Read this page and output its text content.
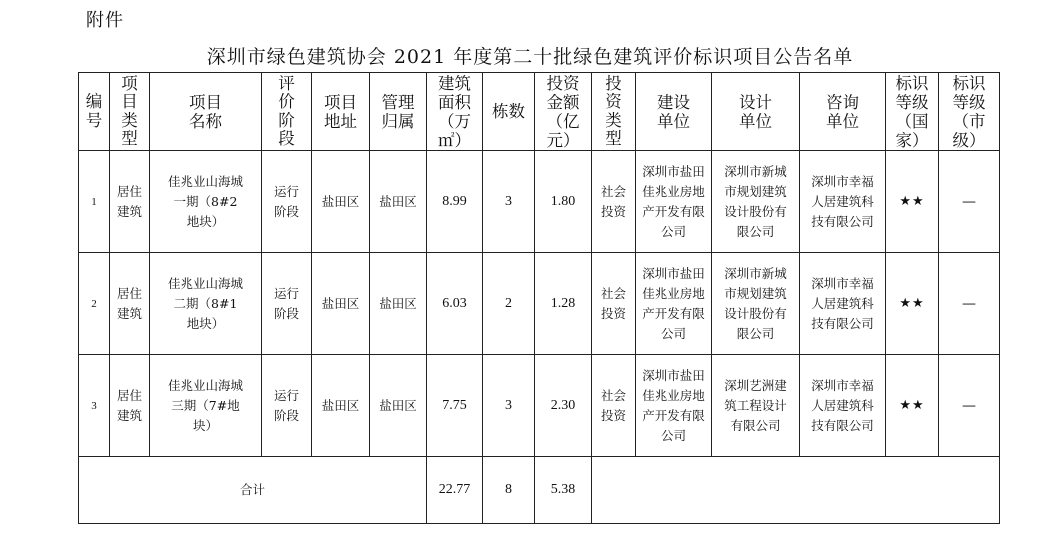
附件
深圳市绿色建筑协会 2021 年度第二十批绿色建筑评价标识项目公告名单
编号	项目类型	项目名称	评价阶段	项目地址	管理归属	建筑面积（万㎡）	栋数	投资金额（亿元）	投资类型	建设单位	设计单位	咨询单位	标识等级（国家）	标识等级（市级）
1	居住建筑	佳兆业山海城一期（8#2 地块）	运行阶段	盐田区	盐田区	8.99	3	1.80	社会投资	深圳市盐田佳兆业房地产开发有限公司	深圳市新城市规划建筑设计股份有限公司	深圳市幸福人居建筑科技有限公司	★★	—
2	居住建筑	佳兆业山海城二期（8#1 地块）	运行阶段	盐田区	盐田区	6.03	2	1.28	社会投资	深圳市盐田佳兆业房地产开发有限公司	深圳市新城市规划建筑设计股份有限公司	深圳市幸福人居建筑科技有限公司	★★	—
3	居住建筑	佳兆业山海城三期（7#地块）	运行阶段	盐田区	盐田区	7.75	3	2.30	社会投资	深圳市盐田佳兆业房地产开发有限公司	深圳艺洲建筑工程设计有限公司	深圳市幸福人居建筑科技有限公司	★★	—
合计						22.77	8	5.38						
